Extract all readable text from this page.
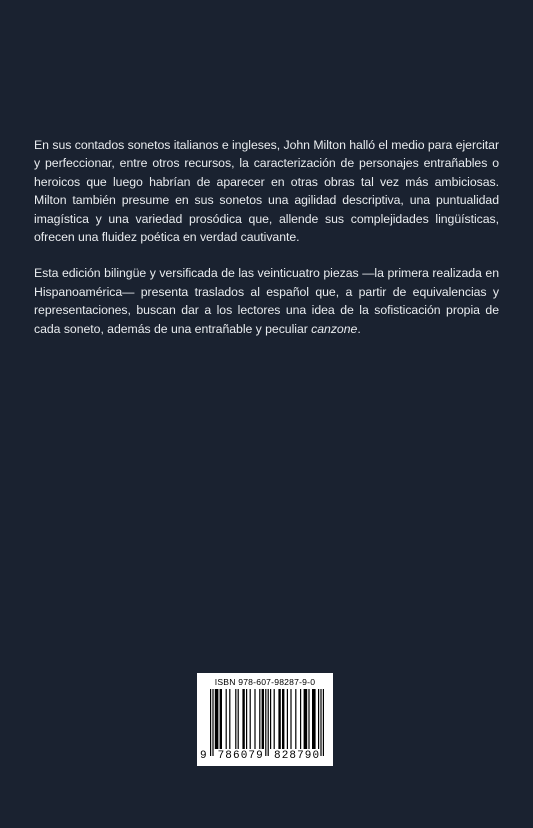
En sus contados sonetos italianos e ingleses, John Milton halló el medio para ejercitar y perfeccionar, entre otros recursos, la caracterización de personajes entrañables o heroicos que luego habrían de aparecer en otras obras tal vez más ambiciosas. Milton también presume en sus sonetos una agilidad descriptiva, una puntualidad imagística y una variedad prosódica que, allende sus complejidades lingüísticas, ofrecen una fluidez poética en verdad cautivante.

Esta edición bilingüe y versificada de las veinticuatro piezas —la primera realizada en Hispanoamérica— presenta traslados al español que, a partir de equivalencias y representaciones, buscan dar a los lectores una idea de la sofisticación propia de cada soneto, además de una entrañable y peculiar canzone.

ISBN 978-607-98287-9-0
9 786079 828790
